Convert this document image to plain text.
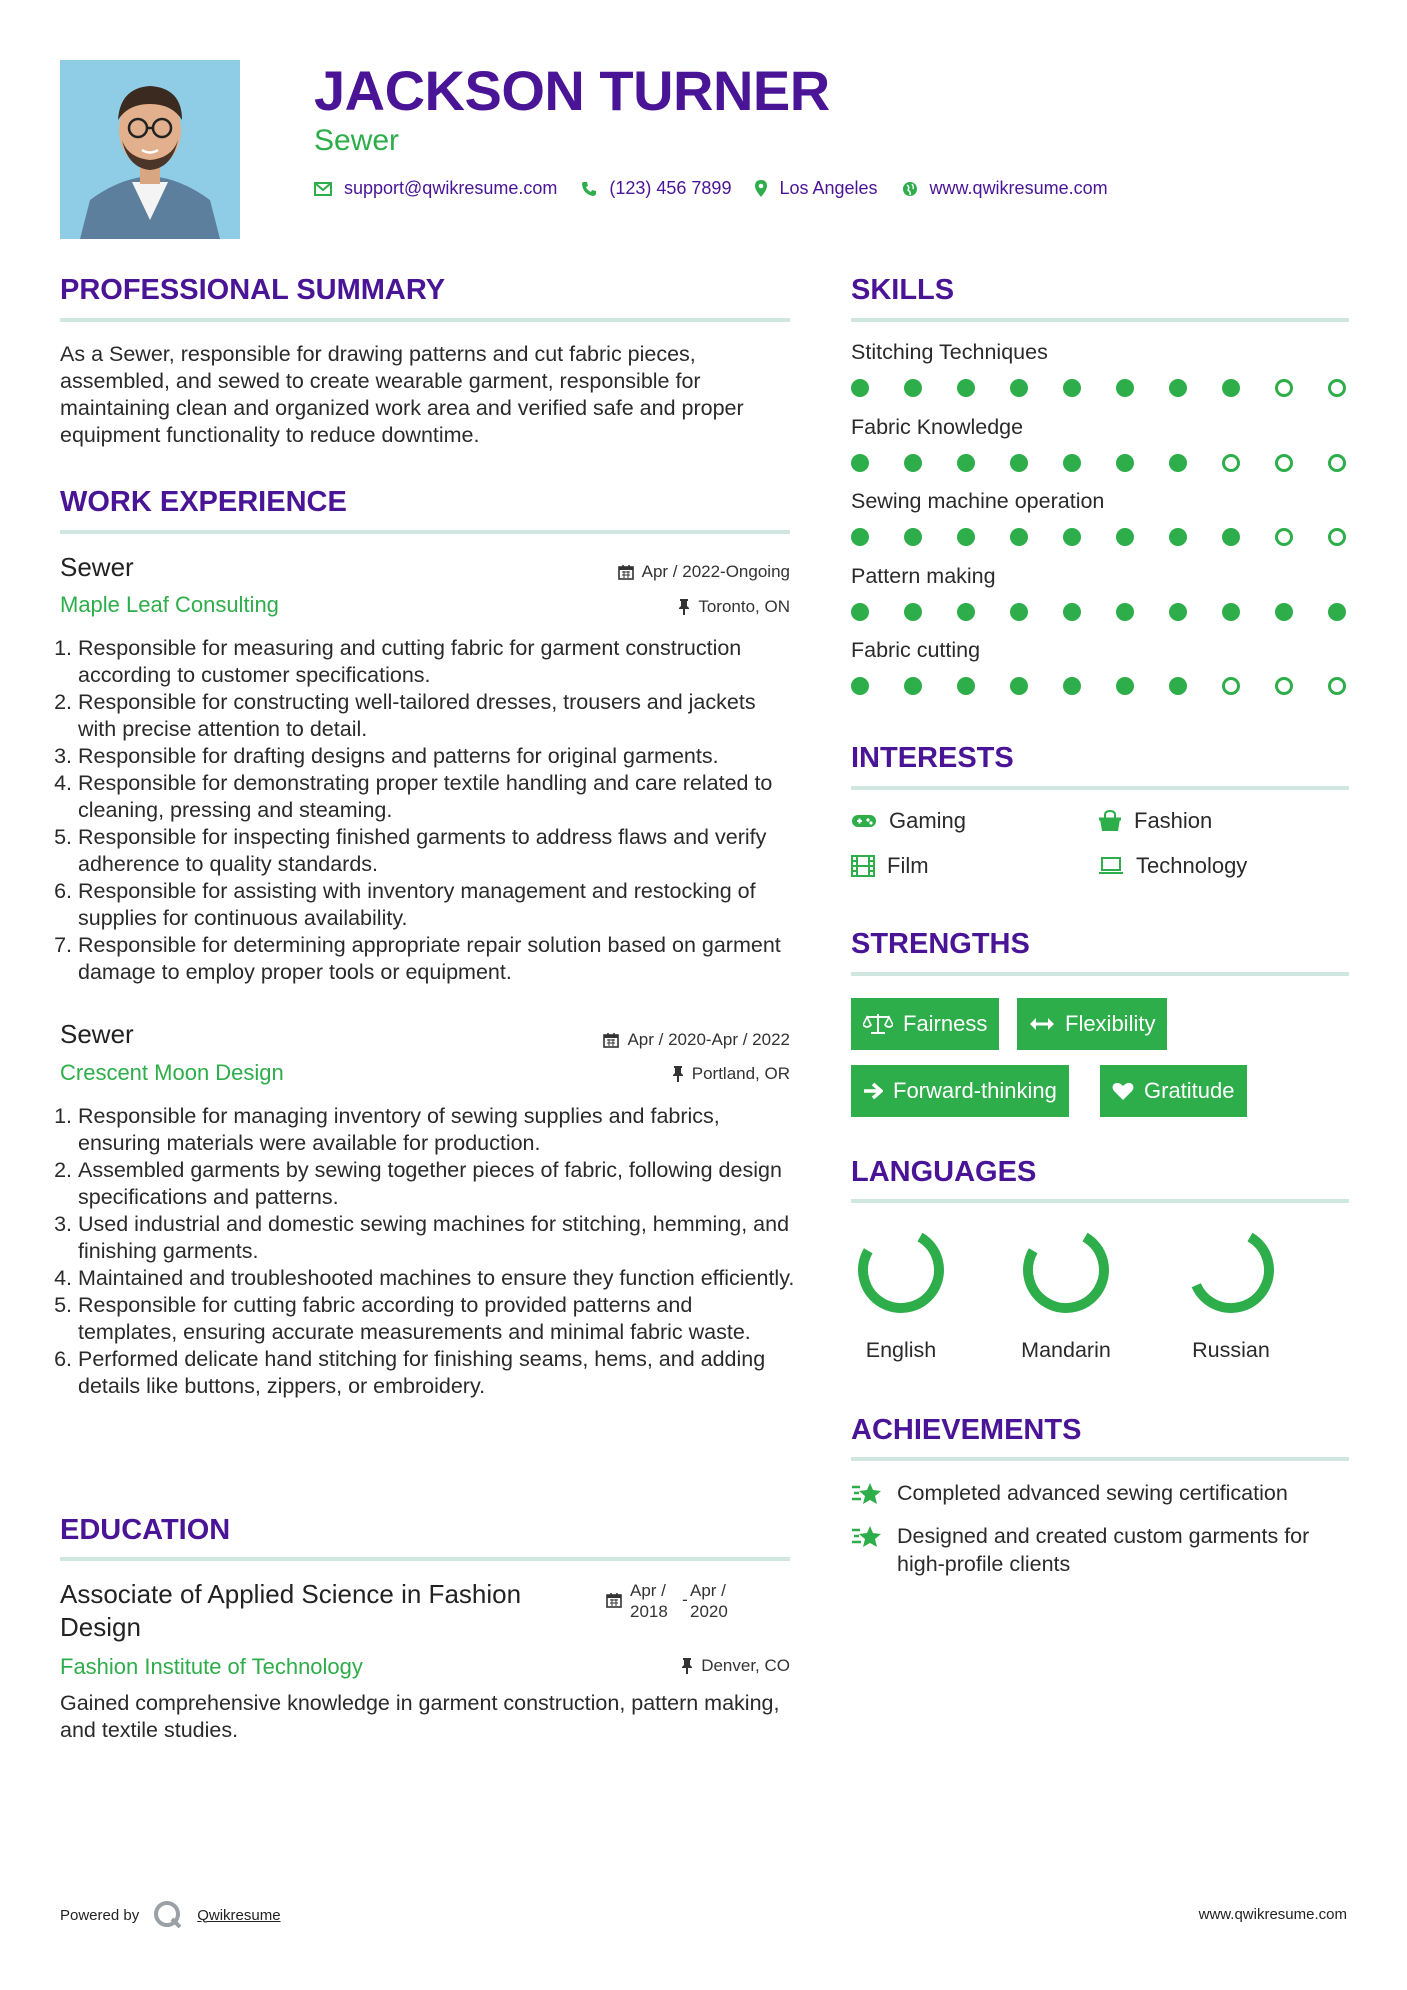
JACKSON TURNER
Sewer
support@qwikresume.com	(123) 456 7899	Los Angeles	www.qwikresume.com
PROFESSIONAL SUMMARY
As a Sewer, responsible for drawing patterns and cut fabric pieces, assembled, and sewed to create wearable garment, responsible for maintaining clean and organized work area and verified safe and proper equipment functionality to reduce downtime.
WORK EXPERIENCE
Sewer	Apr / 2022-Ongoing
Maple Leaf Consulting	Toronto, ON
1. Responsible for measuring and cutting fabric for garment construction according to customer specifications.
2. Responsible for constructing well-tailored dresses, trousers and jackets with precise attention to detail.
3. Responsible for drafting designs and patterns for original garments.
4. Responsible for demonstrating proper textile handling and care related to cleaning, pressing and steaming.
5. Responsible for inspecting finished garments to address flaws and verify adherence to quality standards.
6. Responsible for assisting with inventory management and restocking of supplies for continuous availability.
7. Responsible for determining appropriate repair solution based on garment damage to employ proper tools or equipment.
Sewer	Apr / 2020-Apr / 2022
Crescent Moon Design	Portland, OR
1. Responsible for managing inventory of sewing supplies and fabrics, ensuring materials were available for production.
2. Assembled garments by sewing together pieces of fabric, following design specifications and patterns.
3. Used industrial and domestic sewing machines for stitching, hemming, and finishing garments.
4. Maintained and troubleshooted machines to ensure they function efficiently.
5. Responsible for cutting fabric according to provided patterns and templates, ensuring accurate measurements and minimal fabric waste.
6. Performed delicate hand stitching for finishing seams, hems, and adding details like buttons, zippers, or embroidery.
EDUCATION
Associate of Applied Science in Fashion Design
Apr / 2018
- Apr / 2020
Fashion Institute of Technology	Denver, CO
Gained comprehensive knowledge in garment construction, pattern making, and textile studies.
SKILLS
Stitching Techniques
Fabric Knowledge
Sewing machine operation
Pattern making
Fabric cutting
INTERESTS
Gaming	Fashion
Film	Technology
STRENGTHS
Fairness	Flexibility
Forward-thinking	Gratitude
LANGUAGES
English	Mandarin	Russian
ACHIEVEMENTS
Completed advanced sewing certification
Designed and created custom garments for high-profile clients
Powered by	Qwikresume	www.qwikresume.com
